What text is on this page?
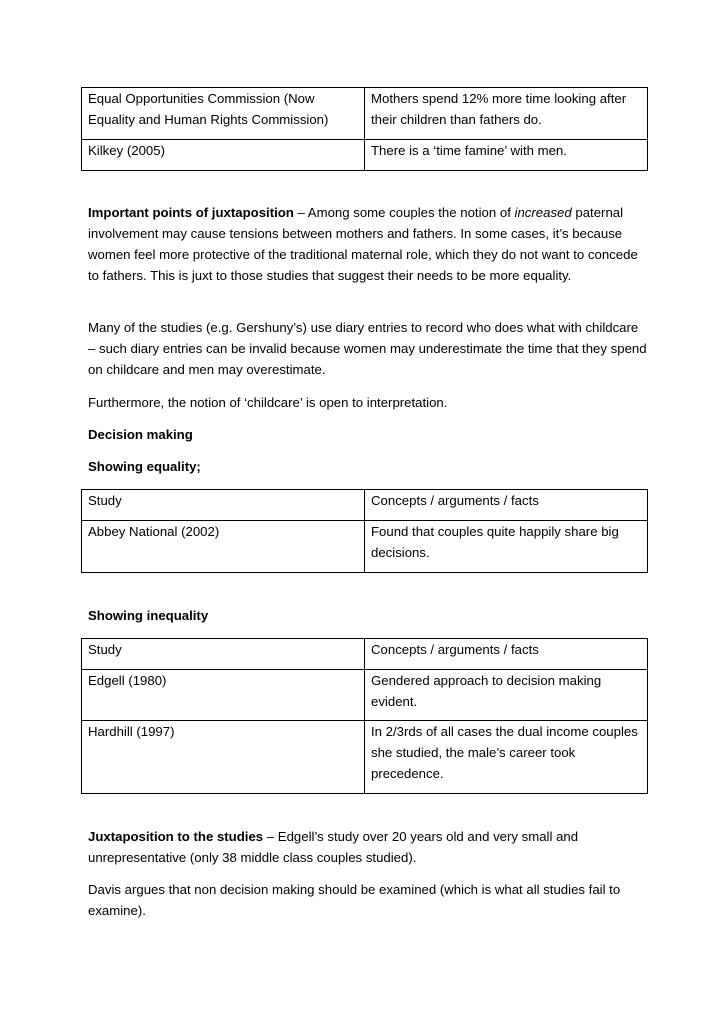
Equal Opportunities Commission (Now Equality and Human Rights Commission)	Mothers spend 12% more time looking after their children than fathers do.
Kilkey (2005)	There is a ‘time famine’ with men.

Important points of juxtaposition – Among some couples the notion of increased paternal involvement may cause tensions between mothers and fathers. In some cases, it’s because women feel more protective of the traditional maternal role, which they do not want to concede to fathers. This is juxt to those studies that suggest their needs to be more equality.

Many of the studies (e.g. Gershuny’s) use diary entries to record who does what with childcare – such diary entries can be invalid because women may underestimate the time that they spend on childcare and men may overestimate.

Furthermore, the notion of ‘childcare’ is open to interpretation.

Decision making

Showing equality;

Study	Concepts / arguments / facts
Abbey National (2002)	Found that couples quite happily share big decisions.

Showing inequality

Study	Concepts / arguments / facts
Edgell (1980)	Gendered approach to decision making evident.
Hardhill (1997)	In 2/3rds of all cases the dual income couples she studied, the male’s career took precedence.

Juxtaposition to the studies – Edgell’s study over 20 years old and very small and unrepresentative (only 38 middle class couples studied).

Davis argues that non decision making should be examined (which is what all studies fail to examine).
